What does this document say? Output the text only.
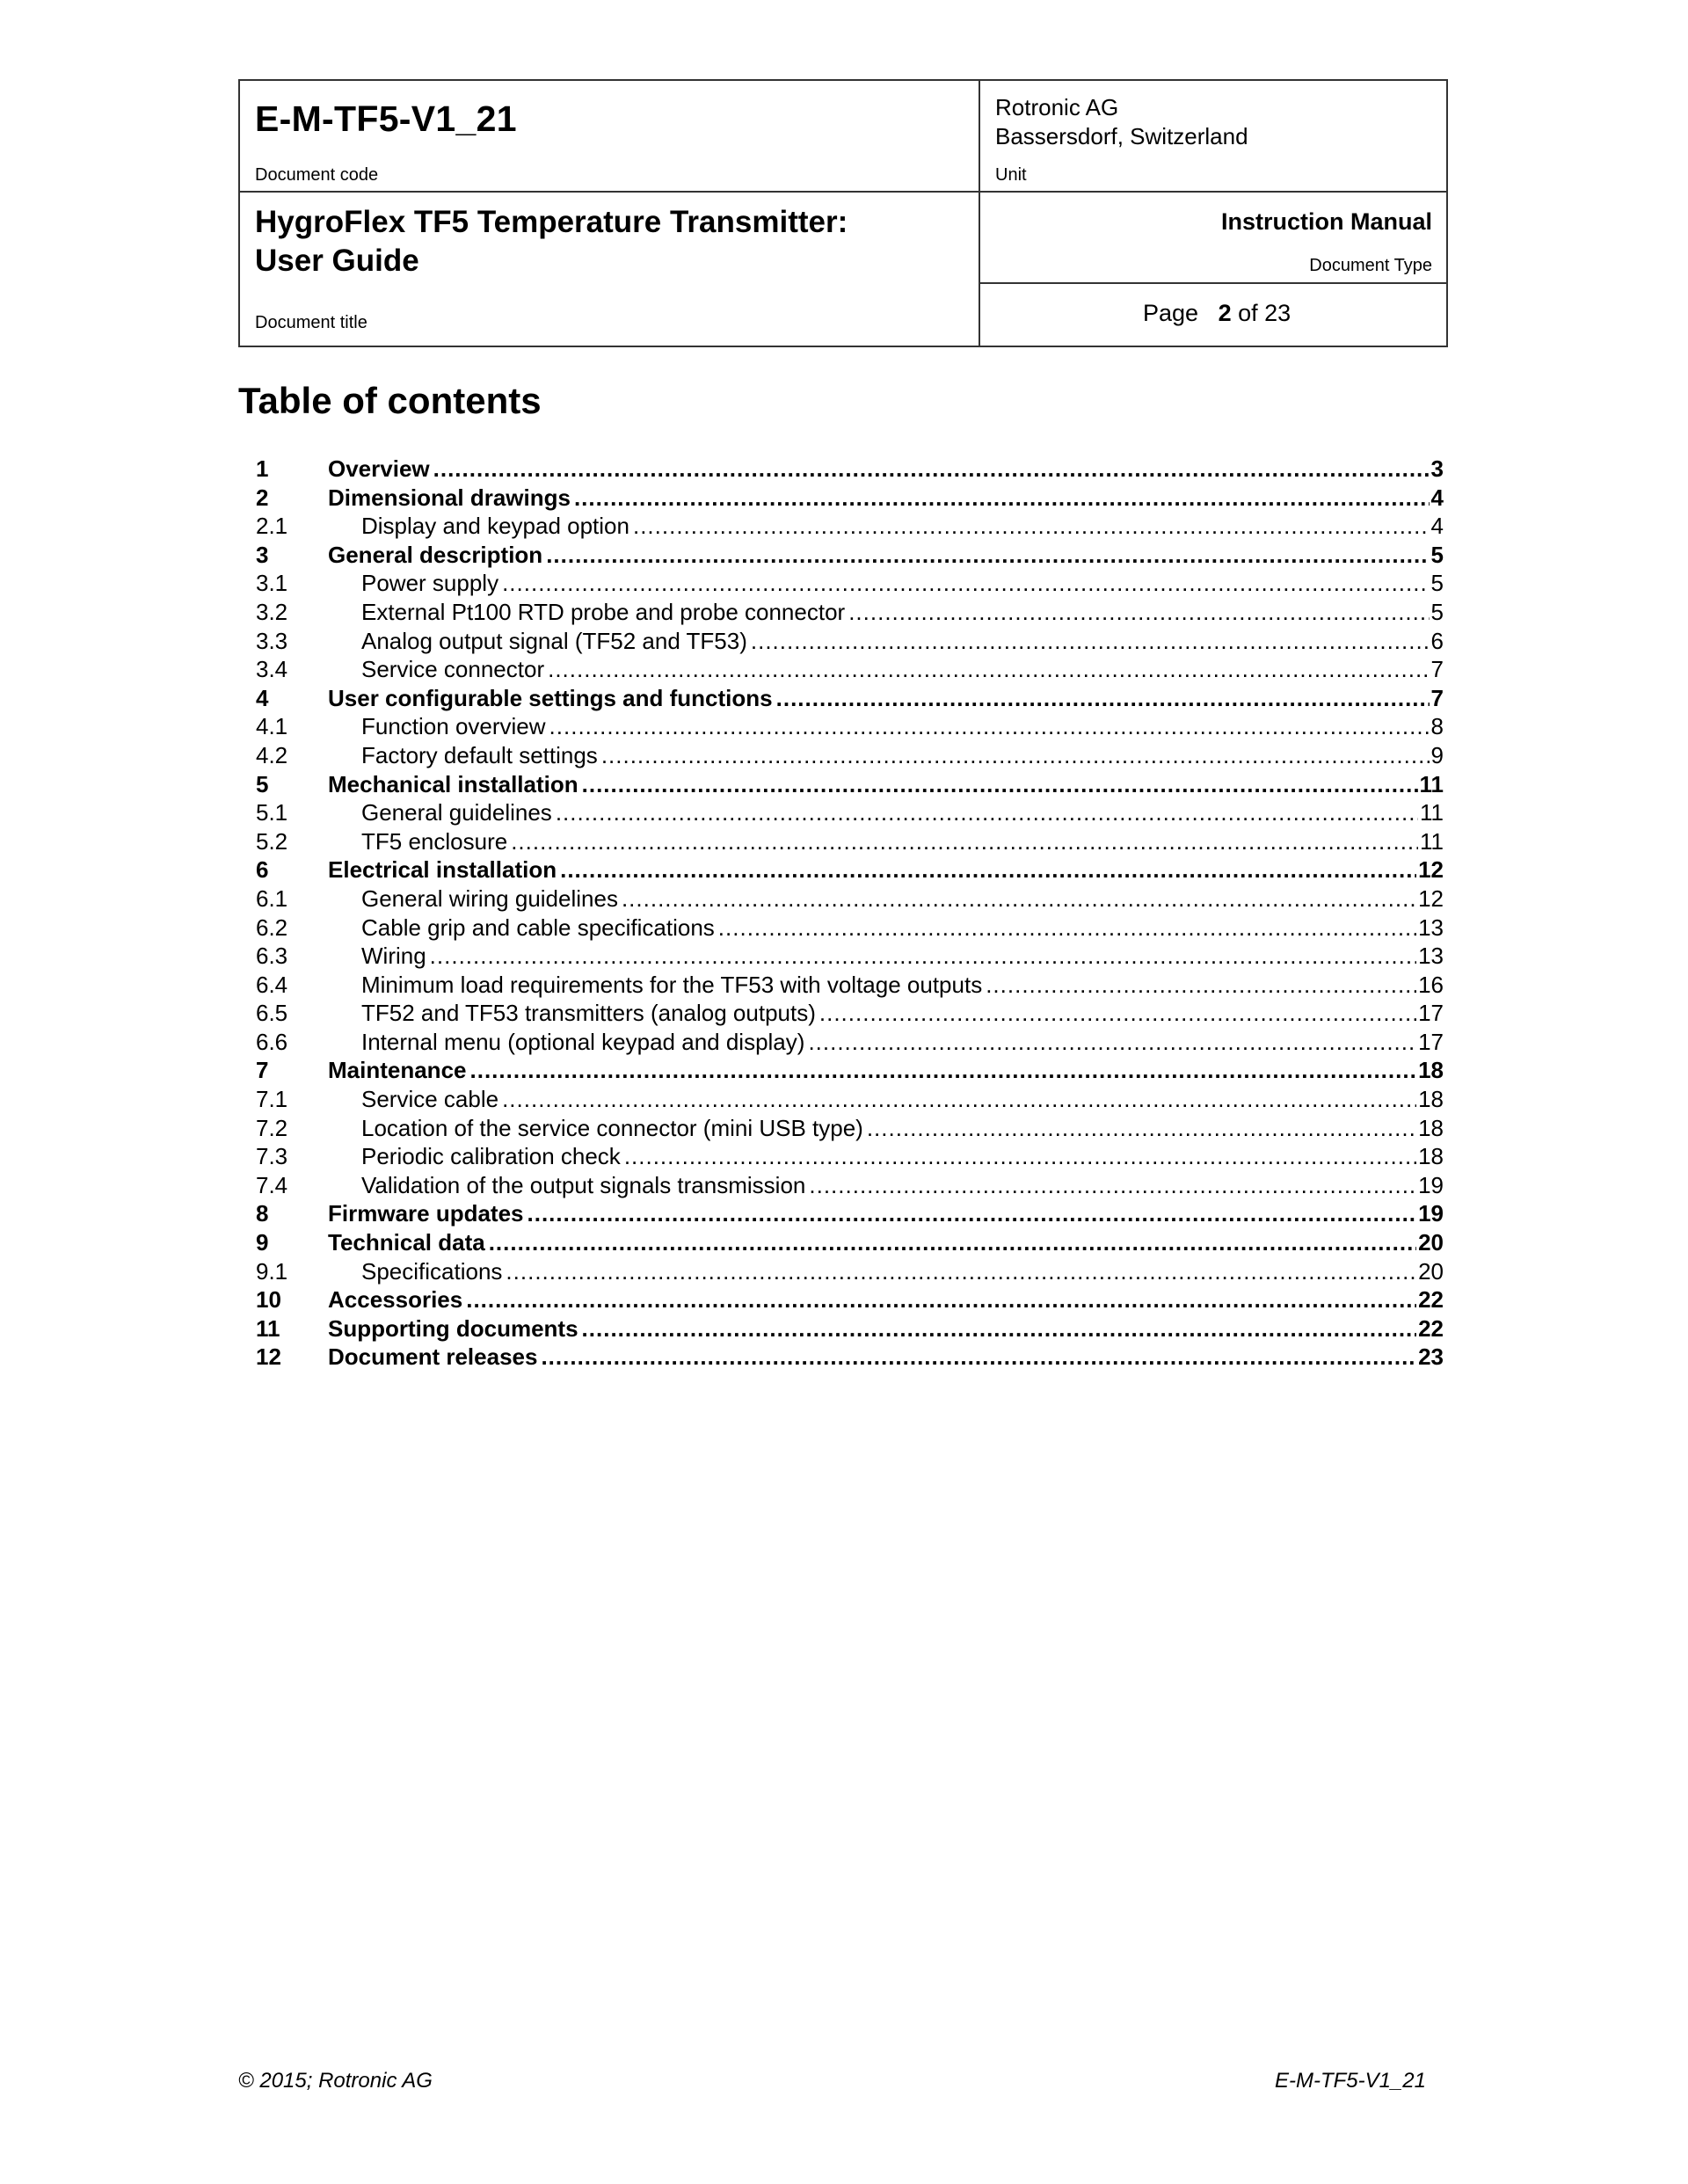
E-M-TF5-V1_21
Document code
Rotronic AG
Bassersdorf, Switzerland
Unit
HygroFlex TF5 Temperature Transmitter:
User Guide
Document title
Instruction Manual
Document Type
Page 2 of 23
Table of contents
1	Overview .....	3
2	Dimensional drawings .....	4
2.1	Display and keypad option .....	4
3	General description .....	5
3.1	Power supply .....	5
3.2	External Pt100 RTD probe and probe connector .....	5
3.3	Analog output signal (TF52 and TF53) .....	6
3.4	Service connector .....	7
4	User configurable settings and functions .....	7
4.1	Function overview .....	8
4.2	Factory default settings .....	9
5	Mechanical installation .....	11
5.1	General guidelines .....	11
5.2	TF5 enclosure .....	11
6	Electrical installation .....	12
6.1	General wiring guidelines .....	12
6.2	Cable grip and cable specifications .....	13
6.3	Wiring .....	13
6.4	Minimum load requirements for the TF53 with voltage outputs .....	16
6.5	TF52 and TF53 transmitters (analog outputs) .....	17
6.6	Internal menu (optional keypad and display) .....	17
7	Maintenance .....	18
7.1	Service cable .....	18
7.2	Location of the service connector (mini USB type) .....	18
7.3	Periodic calibration check .....	18
7.4	Validation of the output signals transmission .....	19
8	Firmware updates .....	19
9	Technical data .....	20
9.1	Specifications .....	20
10 Accessories .....	22
11 Supporting documents .....	22
12 Document releases .....	23
© 2015; Rotronic AG	E-M-TF5-V1_21
